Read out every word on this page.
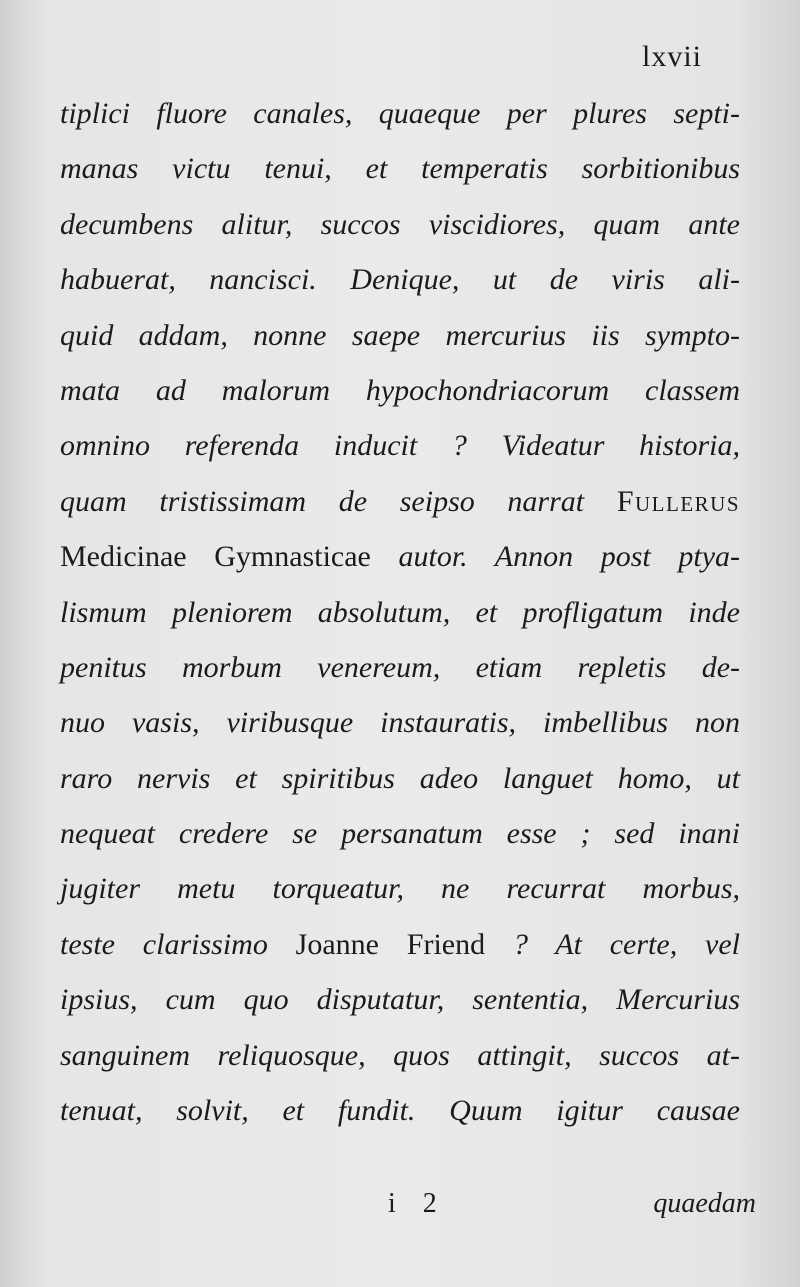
lxvii
tiplici fluore canales, quaeque per plures septi-
manas victu tenui, et temperatis sorbitionibus
decumbens alitur, succos viscidiores, quam ante
habuerat, nancisci. Denique, ut de viris ali-
quid addam, nonne saepe mercurius iis sympto-
mata ad malorum hypochondriacorum classem
omnino referenda inducit ? Videatur historia,
quam tristissimam de seipso narrat Fullerus
Medicinae Gymnasticae autor. Annon post ptya-
lismum pleniorem absolutum, et profligatum inde
penitus morbum venereum, etiam repletis de-
nuo vasis, viribusque instauratis, imbellibus non
raro nervis et spiritibus adeo languet homo, ut
nequeat credere se persanatum esse ; sed inani
jugiter metu torqueatur, ne recurrat morbus,
teste clarissimo Joanne Friend ? At certe, vel
ipsius, cum quo disputatur, sententia, Mercurius
sanguinem reliquosque, quos attingit, succos at-
tenuat, solvit, et fundit. Quum igitur causae
i 2	quaedam
